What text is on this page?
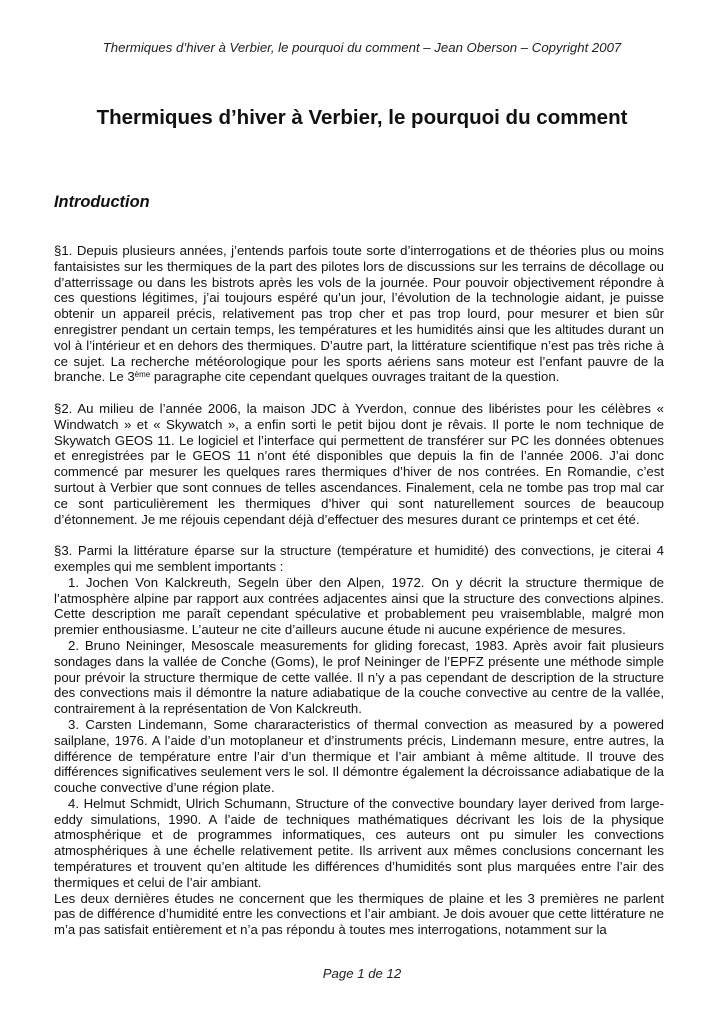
Thermiques d’hiver à Verbier, le pourquoi du comment – Jean Oberson – Copyright 2007
Thermiques d’hiver à Verbier, le pourquoi du comment
Introduction

§1. Depuis plusieurs années, j’entends parfois toute sorte d’interrogations et de théories plus ou moins fantaisistes sur les thermiques de la part des pilotes lors de discussions sur les terrains de décollage ou d’atterrissage ou dans les bistrots après les vols de la journée. Pour pouvoir objectivement répondre à ces questions légitimes, j’ai toujours espéré qu’un jour, l’évolution de la technologie aidant, je puisse obtenir un appareil précis, relativement pas trop cher et pas trop lourd, pour mesurer et bien sûr enregistrer pendant un certain temps, les températures et les humidités ainsi que les altitudes durant un vol à l’intérieur et en dehors des thermiques. D’autre part, la littérature scientifique n’est pas très riche à ce sujet. La recherche météorologique pour les sports aériens sans moteur est l’enfant pauvre de la branche. Le 3ème paragraphe cite cependant quelques ouvrages traitant de la question.

§2. Au milieu de l’année 2006, la maison JDC à Yverdon, connue des libéristes pour les célèbres « Windwatch » et « Skywatch », a enfin sorti le petit bijou dont je rêvais. Il porte le nom technique de Skywatch GEOS 11. Le logiciel et l’interface qui permettent de transférer sur PC les données obtenues et enregistrées par le GEOS 11 n’ont été disponibles que depuis la fin de l’année 2006. J’ai donc commencé par mesurer les quelques rares thermiques d’hiver de nos contrées. En Romandie, c’est surtout à Verbier que sont connues de telles ascendances. Finalement, cela ne tombe pas trop mal car ce sont particulièrement les thermiques d’hiver qui sont naturellement sources de beaucoup d’étonnement. Je me réjouis cependant déjà d’effectuer des mesures durant ce printemps et cet été.

§3. Parmi la littérature éparse sur la structure (température et humidité) des convections, je citerai 4 exemples qui me semblent importants :

1. Jochen Von Kalckreuth, Segeln über den Alpen, 1972. On y décrit la structure thermique de l’atmosphère alpine par rapport aux contrées adjacentes ainsi que la structure des convections alpines. Cette description me paraît cependant spéculative et probablement peu vraisemblable, malgré mon premier enthousiasme. L’auteur ne cite d’ailleurs aucune étude ni aucune expérience de mesures.

2. Bruno Neininger, Mesoscale measurements for gliding forecast, 1983. Après avoir fait plusieurs sondages dans la vallée de Conche (Goms), le prof Neininger de l’EPFZ présente une méthode simple pour prévoir la structure thermique de cette vallée. Il n’y a pas cependant de description de la structure des convections mais il démontre la nature adiabatique de la couche convective au centre de la vallée, contrairement à la représentation de Von Kalckreuth.

3. Carsten Lindemann, Some chararacteristics of thermal convection as measured by a powered sailplane, 1976. A l’aide d’un motoplaneur et d’instruments précis, Lindemann mesure, entre autres, la différence de température entre l’air d’un thermique et l’air ambiant à même altitude. Il trouve des différences significatives seulement vers le sol. Il démontre également la décroissance adiabatique de la couche convective d’une région plate.

4. Helmut Schmidt, Ulrich Schumann, Structure of the convective boundary layer derived from large-eddy simulations, 1990. A l’aide de techniques mathématiques décrivant les lois de la physique atmosphérique et de programmes informatiques, ces auteurs ont pu simuler les convections atmosphériques à une échelle relativement petite. Ils arrivent aux mêmes conclusions concernant les températures et trouvent qu’en altitude les différences d’humidités sont plus marquées entre l’air des thermiques et celui de l’air ambiant.

Les deux dernières études ne concernent que les thermiques de plaine et les 3 premières ne parlent pas de différence d’humidité entre les convections et l’air ambiant. Je dois avouer que cette littérature ne m’a pas satisfait entièrement et n’a pas répondu à toutes mes interrogations, notamment sur la

Page 1 de 12
